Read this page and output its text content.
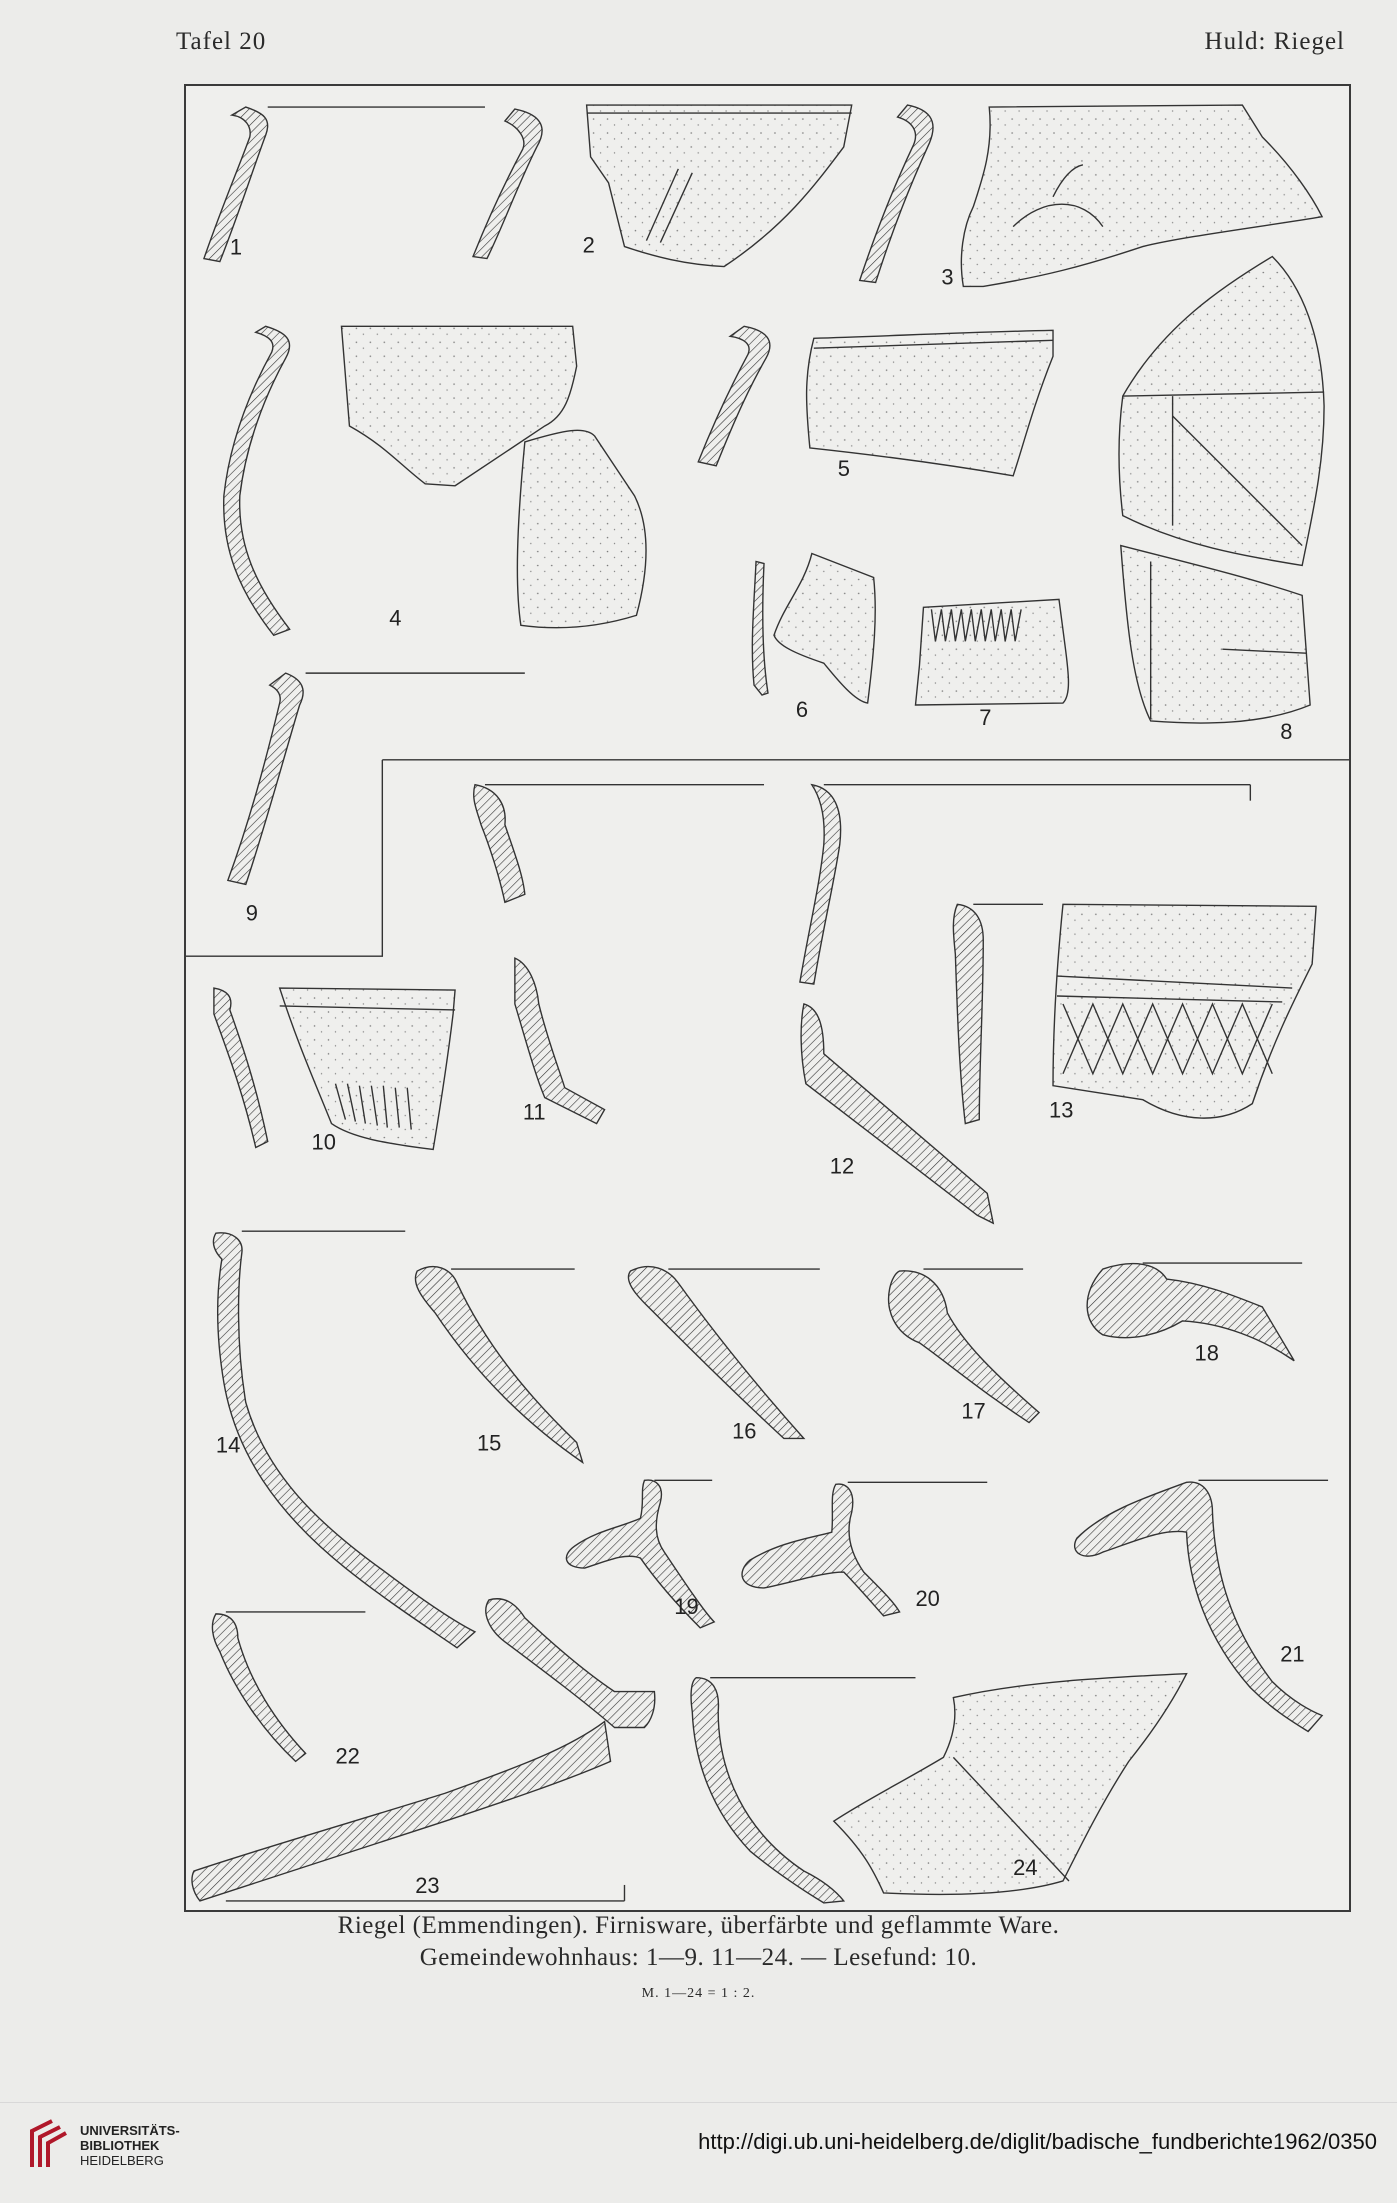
Tafel 20	Huld: Riegel
1	2
3
4
5
6	7
8
9
10
11
12
13
14	15	16
17
18
19	20
21
22
23
24
Riegel (Emmendingen). Firnisware, überfärbte und geflammte Ware.
Gemeindewohnhaus: 1—9. 11—24. — Lesefund: 10.
M. 1—24 = 1 : 2.
UNIVERSITÄTS-
BIBLIOTHEK
HEIDELBERG
http://digi.ub.uni-heidelberg.de/diglit/badische_fundberichte1962/0350
